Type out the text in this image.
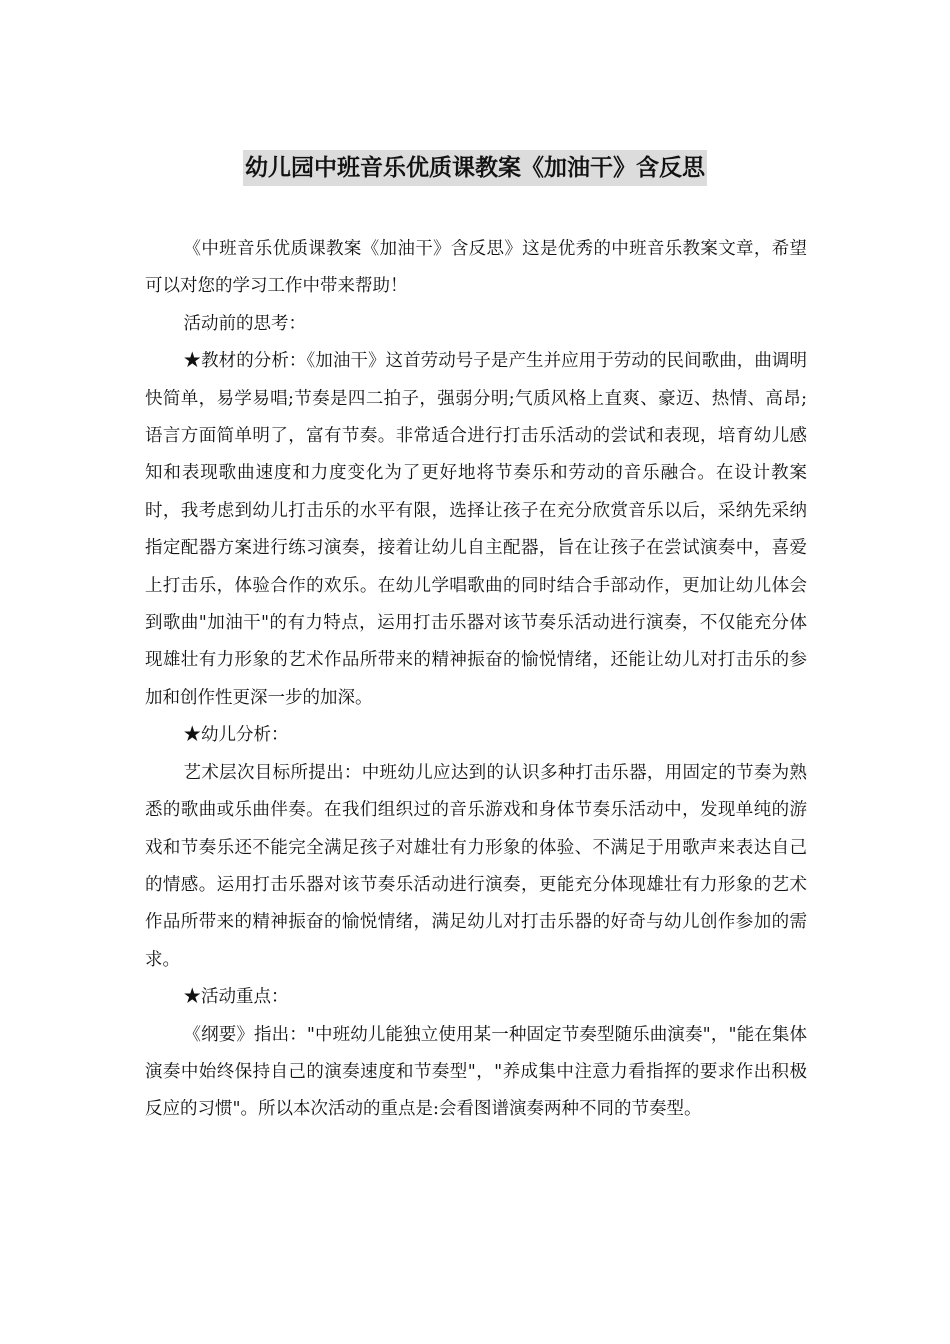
幼儿园中班音乐优质课教案《加油干》含反思

《中班音乐优质课教案《加油干》含反思》这是优秀的中班音乐教案文章，希望可以对您的学习工作中带来帮助！

活动前的思考：

★教材的分析：《加油干》这首劳动号子是产生并应用于劳动的民间歌曲，曲调明快简单，易学易唱;节奏是四二拍子，强弱分明;气质风格上直爽、豪迈、热情、高昂;语言方面简单明了，富有节奏。非常适合进行打击乐活动的尝试和表现，培育幼儿感知和表现歌曲速度和力度变化为了更好地将节奏乐和劳动的音乐融合。在设计教案时，我考虑到幼儿打击乐的水平有限，选择让孩子在充分欣赏音乐以后，采纳先采纳指定配器方案进行练习演奏，接着让幼儿自主配器，旨在让孩子在尝试演奏中，喜爱上打击乐，体验合作的欢乐。在幼儿学唱歌曲的同时结合手部动作，更加让幼儿体会到歌曲"加油干"的有力特点，运用打击乐器对该节奏乐活动进行演奏，不仅能充分体现雄壮有力形象的艺术作品所带来的精神振奋的愉悦情绪，还能让幼儿对打击乐的参加和创作性更深一步的加深。

★幼儿分析：

艺术层次目标所提出：中班幼儿应达到的认识多种打击乐器，用固定的节奏为熟悉的歌曲或乐曲伴奏。在我们组织过的音乐游戏和身体节奏乐活动中，发现单纯的游戏和节奏乐还不能完全满足孩子对雄壮有力形象的体验、不满足于用歌声来表达自己的情感。运用打击乐器对该节奏乐活动进行演奏，更能充分体现雄壮有力形象的艺术作品所带来的精神振奋的愉悦情绪，满足幼儿对打击乐器的好奇与幼儿创作参加的需求。

★活动重点：

《纲要》指出："中班幼儿能独立使用某一种固定节奏型随乐曲演奏"，"能在集体演奏中始终保持自己的演奏速度和节奏型"，"养成集中注意力看指挥的要求作出积极反应的习惯"。所以本次活动的重点是:会看图谱演奏两种不同的节奏型。
